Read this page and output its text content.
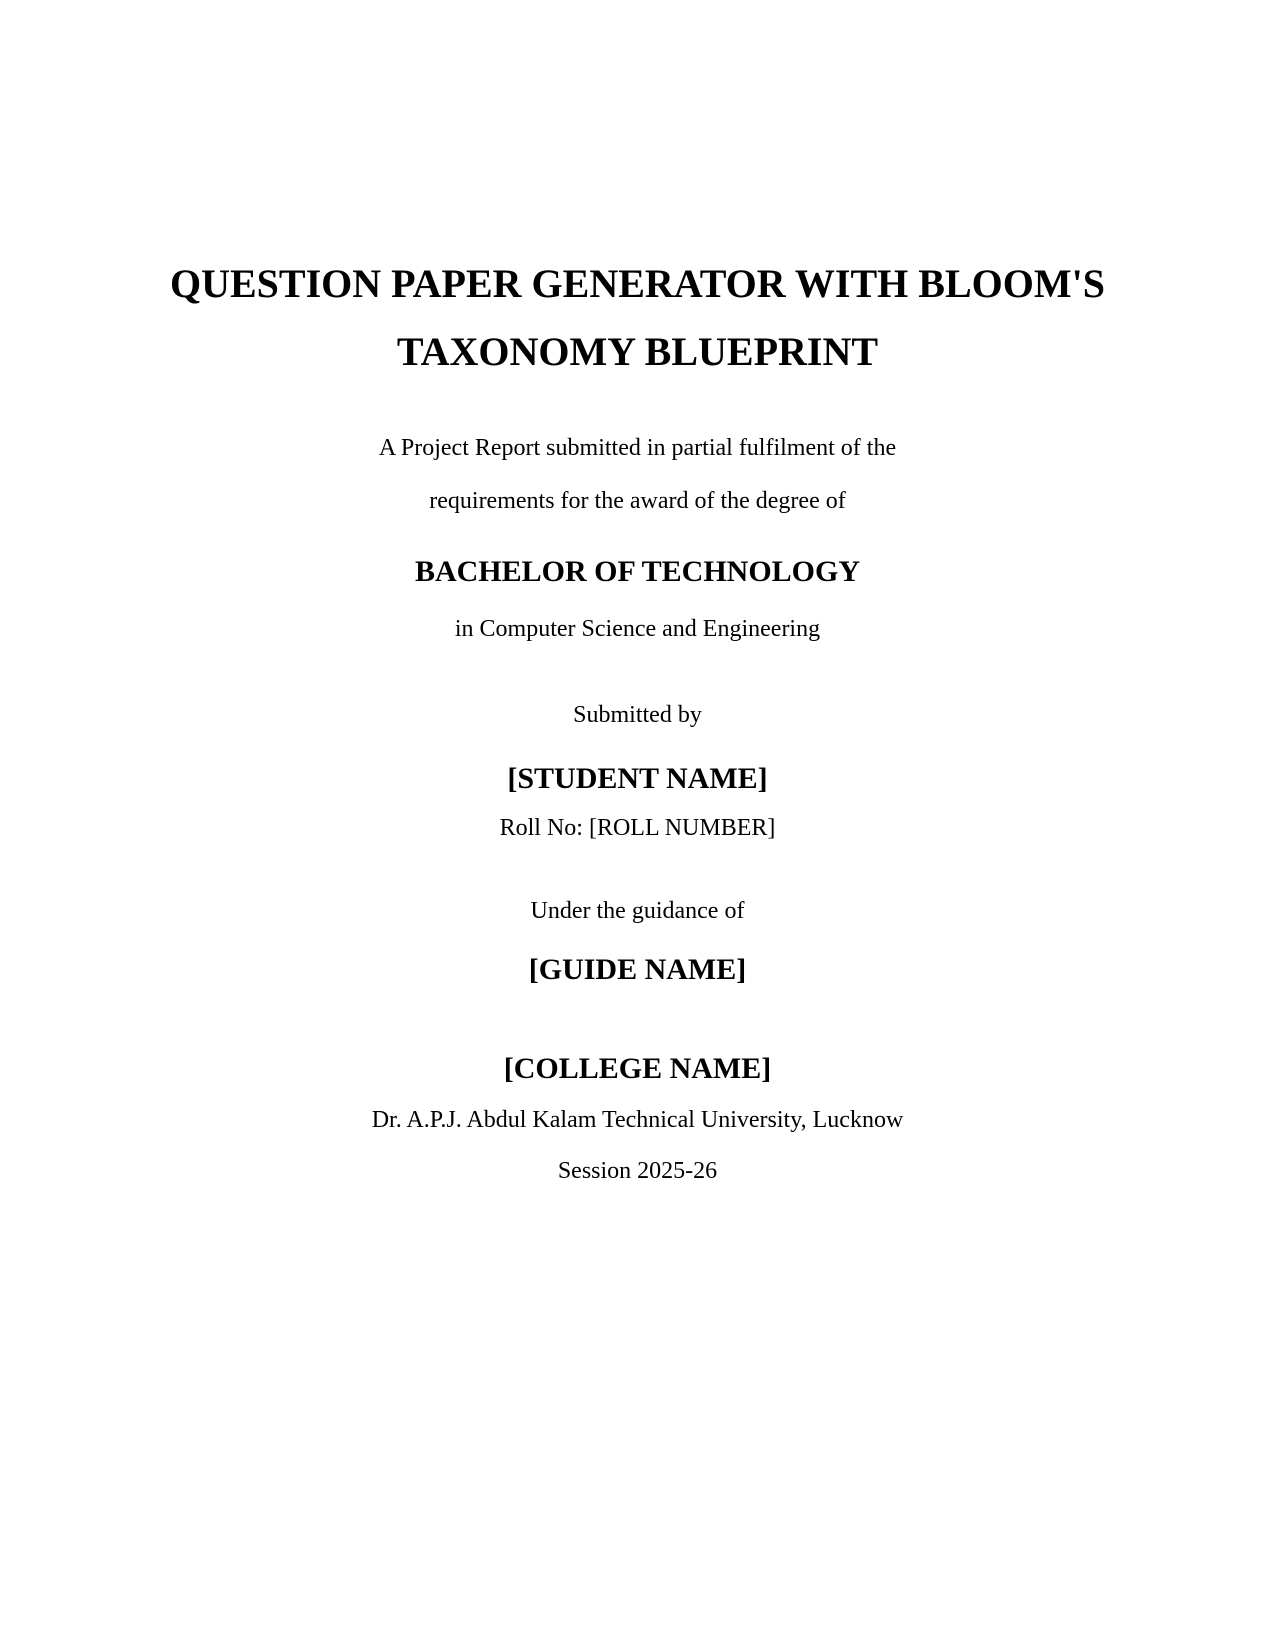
QUESTION PAPER GENERATOR WITH BLOOM'S
TAXONOMY BLUEPRINT
A Project Report submitted in partial fulfilment of the
requirements for the award of the degree of
BACHELOR OF TECHNOLOGY
in Computer Science and Engineering
Submitted by
[STUDENT NAME]
Roll No: [ROLL NUMBER]
Under the guidance of
[GUIDE NAME]
[COLLEGE NAME]
Dr. A.P.J. Abdul Kalam Technical University, Lucknow
Session 2025-26
